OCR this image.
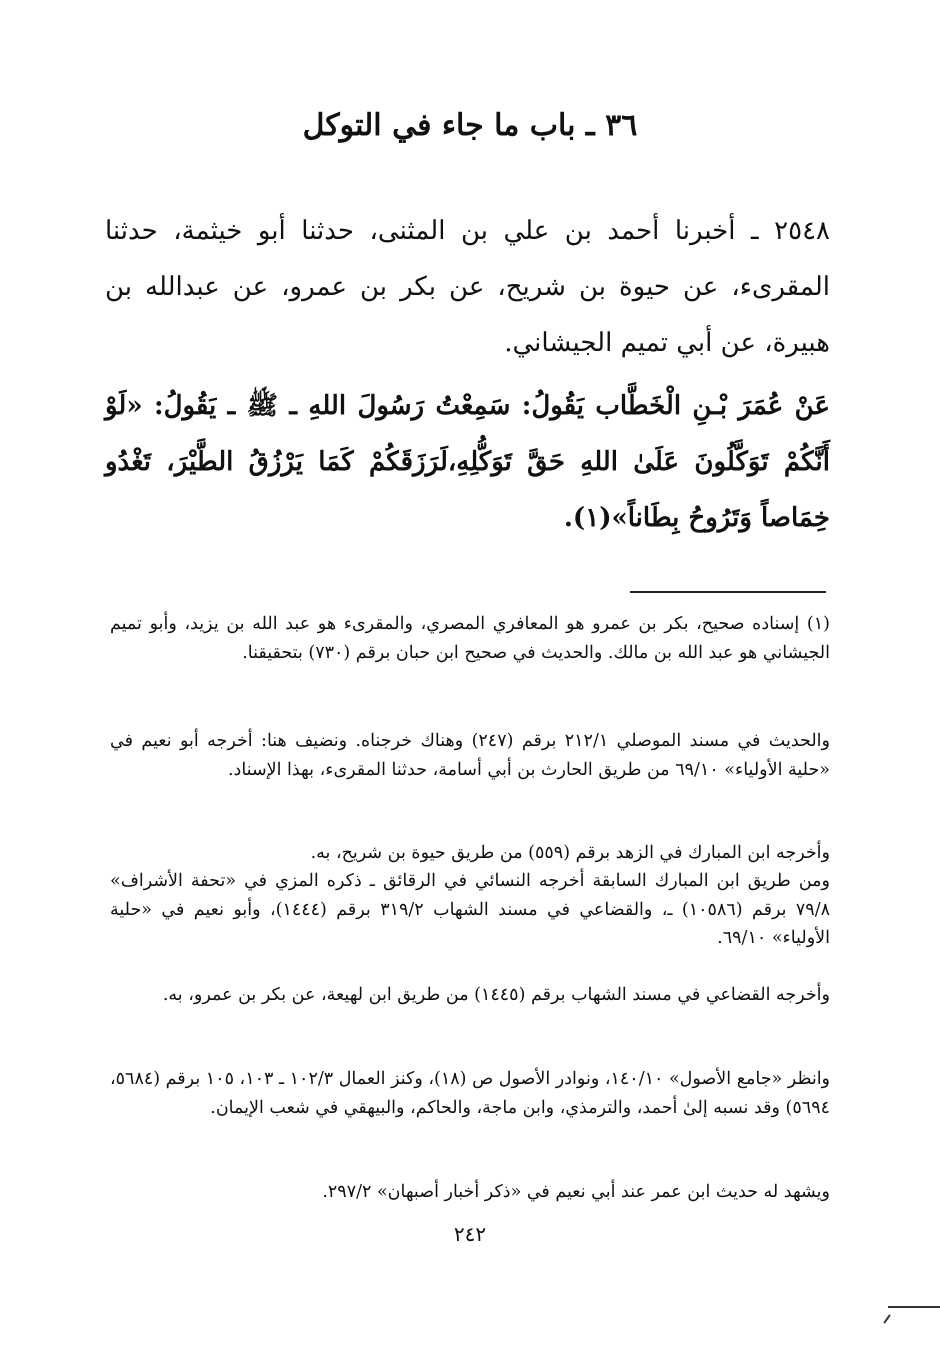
٣٦ ـ باب ما جاء في التوكل
٢٥٤٨ ـ أخبرنا أحمد بن علي بن المثنى، حدثنا أبو خيثمة، حدثنا المقرىء، عن حيوة بن شريح، عن بكر بن عمرو، عن عبدالله بن هبيرة، عن أبي تميم الجيشاني.
عَنْ عُمَرَ بْـنِ الْخَطَّاب يَقُولُ: سَمِعْتُ رَسُولَ اللهِ ـ ﷺ ـ يَقُولُ: «لَوْ أَنَّكُمْ تَوَكَّلُونَ عَلَىٰ اللهِ حَقَّ تَوَكُّلِهِ،لَرَزَقَكُمْ كَمَا يَرْزُقُ الطَّيْرَ، تَغْدُو خِمَاصاً وَتَرُوحُ بِطَاناً»(١).
(١) إسناده صحيح، بكر بن عمرو هو المعافري المصري، والمقرىء هو عبد الله بن يزيد، وأبو تميم الجيشاني هو عبد الله بن مالك. والحديث في صحيح ابن حبان برقم (٧٣٠) بتحقيقنا.
والحديث في مسند الموصلي ٢١٢/١ برقم (٢٤٧) وهناك خرجناه. ونضيف هنا: أخرجه أبو نعيم في «حلية الأولياء» ٦٩/١٠ من طريق الحارث بن أبي أسامة، حدثنا المقرىء، بهذا الإسناد.
وأخرجه ابن المبارك في الزهد برقم (٥٥٩) من طريق حيوة بن شريح، به.
ومن طريق ابن المبارك السابقة أخرجه النسائي في الرقائق ـ ذكره المزي في «تحفة الأشراف» ٧٩/٨ برقم (١٠٥٨٦) ـ، والقضاعي في مسند الشهاب ٣١٩/٢ برقم (١٤٤٤)، وأبو نعيم في «حلية الأولياء» ٦٩/١٠.
وأخرجه القضاعي في مسند الشهاب برقم (١٤٤٥) من طريق ابن لهيعة، عن بكر بن عمرو، به.
وانظر «جامع الأصول» ١٤٠/١٠، ونوادر الأصول ص (١٨)، وكنز العمال ١٠٢/٣ ـ ١٠٣، ١٠٥ برقم (٥٦٨٤، ٥٦٩٤) وقد نسبه إلىٰ أحمد، والترمذي، وابن ماجة، والحاكم، والبيهقي في شعب الإيمان.
ويشهد له حديث ابن عمر عند أبي نعيم في «ذكر أخبار أصبهان» ٢٩٧/٢.
٢٤٢
